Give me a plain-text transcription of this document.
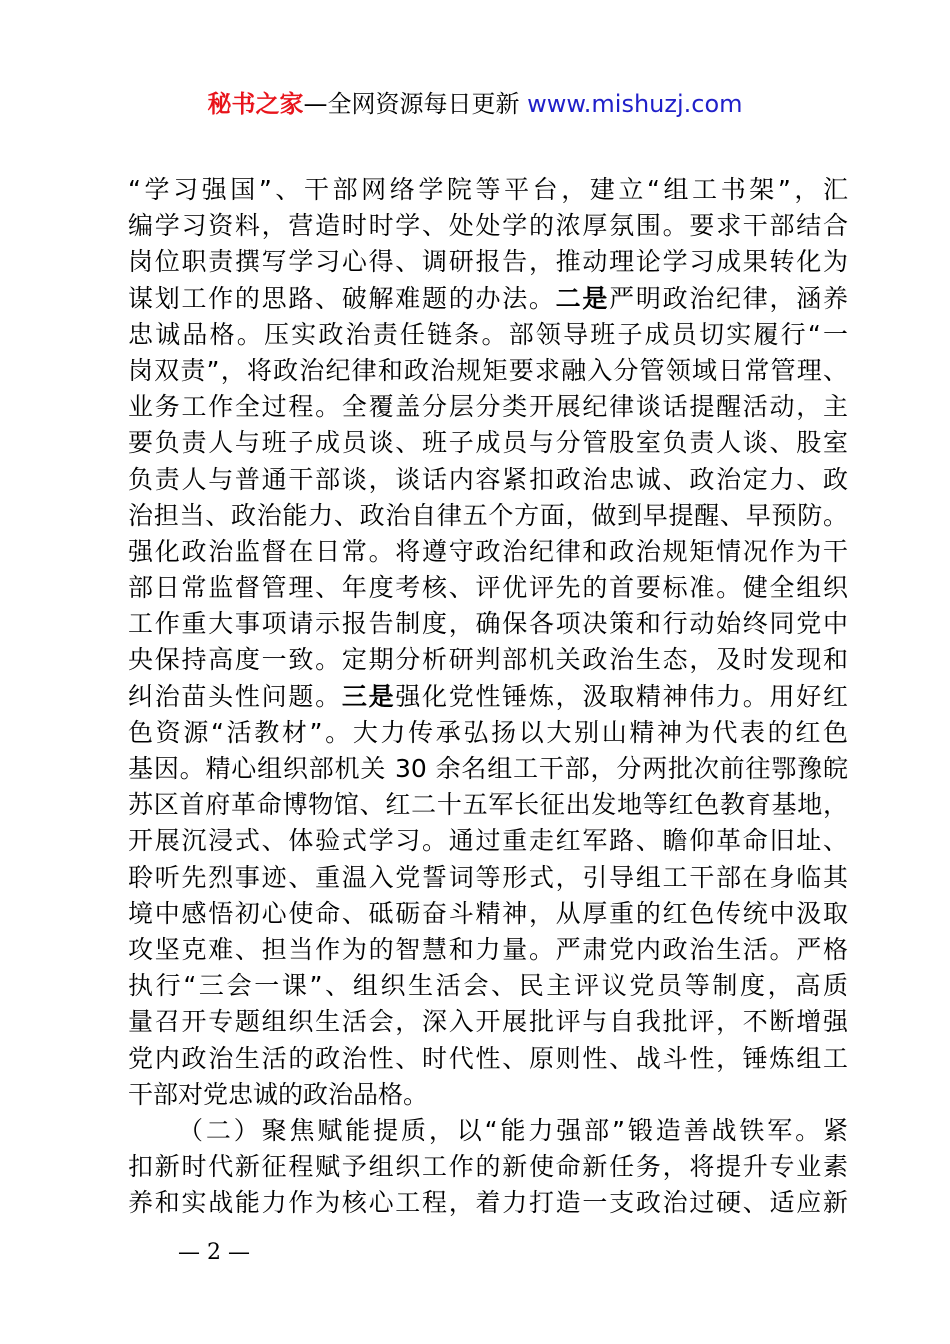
秘书之家—全网资源每日更新 www.mishuzj.com
“学习强国”、干部网络学院等平台，建立“组工书架”，汇
编学习资料，营造时时学、处处学的浓厚氛围。要求干部结合
岗位职责撰写学习心得、调研报告，推动理论学习成果转化为
谋划工作的思路、破解难题的办法。二是严明政治纪律，涵养
忠诚品格。压实政治责任链条。部领导班子成员切实履行“一
岗双责”，将政治纪律和政治规矩要求融入分管领域日常管理、
业务工作全过程。全覆盖分层分类开展纪律谈话提醒活动，主
要负责人与班子成员谈、班子成员与分管股室负责人谈、股室
负责人与普通干部谈，谈话内容紧扣政治忠诚、政治定力、政
治担当、政治能力、政治自律五个方面，做到早提醒、早预防。
强化政治监督在日常。将遵守政治纪律和政治规矩情况作为干
部日常监督管理、年度考核、评优评先的首要标准。健全组织
工作重大事项请示报告制度，确保各项决策和行动始终同党中
央保持高度一致。定期分析研判部机关政治生态，及时发现和
纠治苗头性问题。三是强化党性锤炼，汲取精神伟力。用好红
色资源“活教材”。大力传承弘扬以大别山精神为代表的红色
基因。精心组织部机关 30 余名组工干部，分两批次前往鄂豫皖
苏区首府革命博物馆、红二十五军长征出发地等红色教育基地，
开展沉浸式、体验式学习。通过重走红军路、瞻仰革命旧址、
聆听先烈事迹、重温入党誓词等形式，引导组工干部在身临其
境中感悟初心使命、砥砺奋斗精神，从厚重的红色传统中汲取
攻坚克难、担当作为的智慧和力量。严肃党内政治生活。严格
执行“三会一课”、组织生活会、民主评议党员等制度，高质
量召开专题组织生活会，深入开展批评与自我批评，不断增强
党内政治生活的政治性、时代性、原则性、战斗性，锤炼组工
干部对党忠诚的政治品格。
（二）聚焦赋能提质，以“能力强部”锻造善战铁军。紧
扣新时代新征程赋予组织工作的新使命新任务，将提升专业素
养和实战能力作为核心工程，着力打造一支政治过硬、适应新
— 2 —
